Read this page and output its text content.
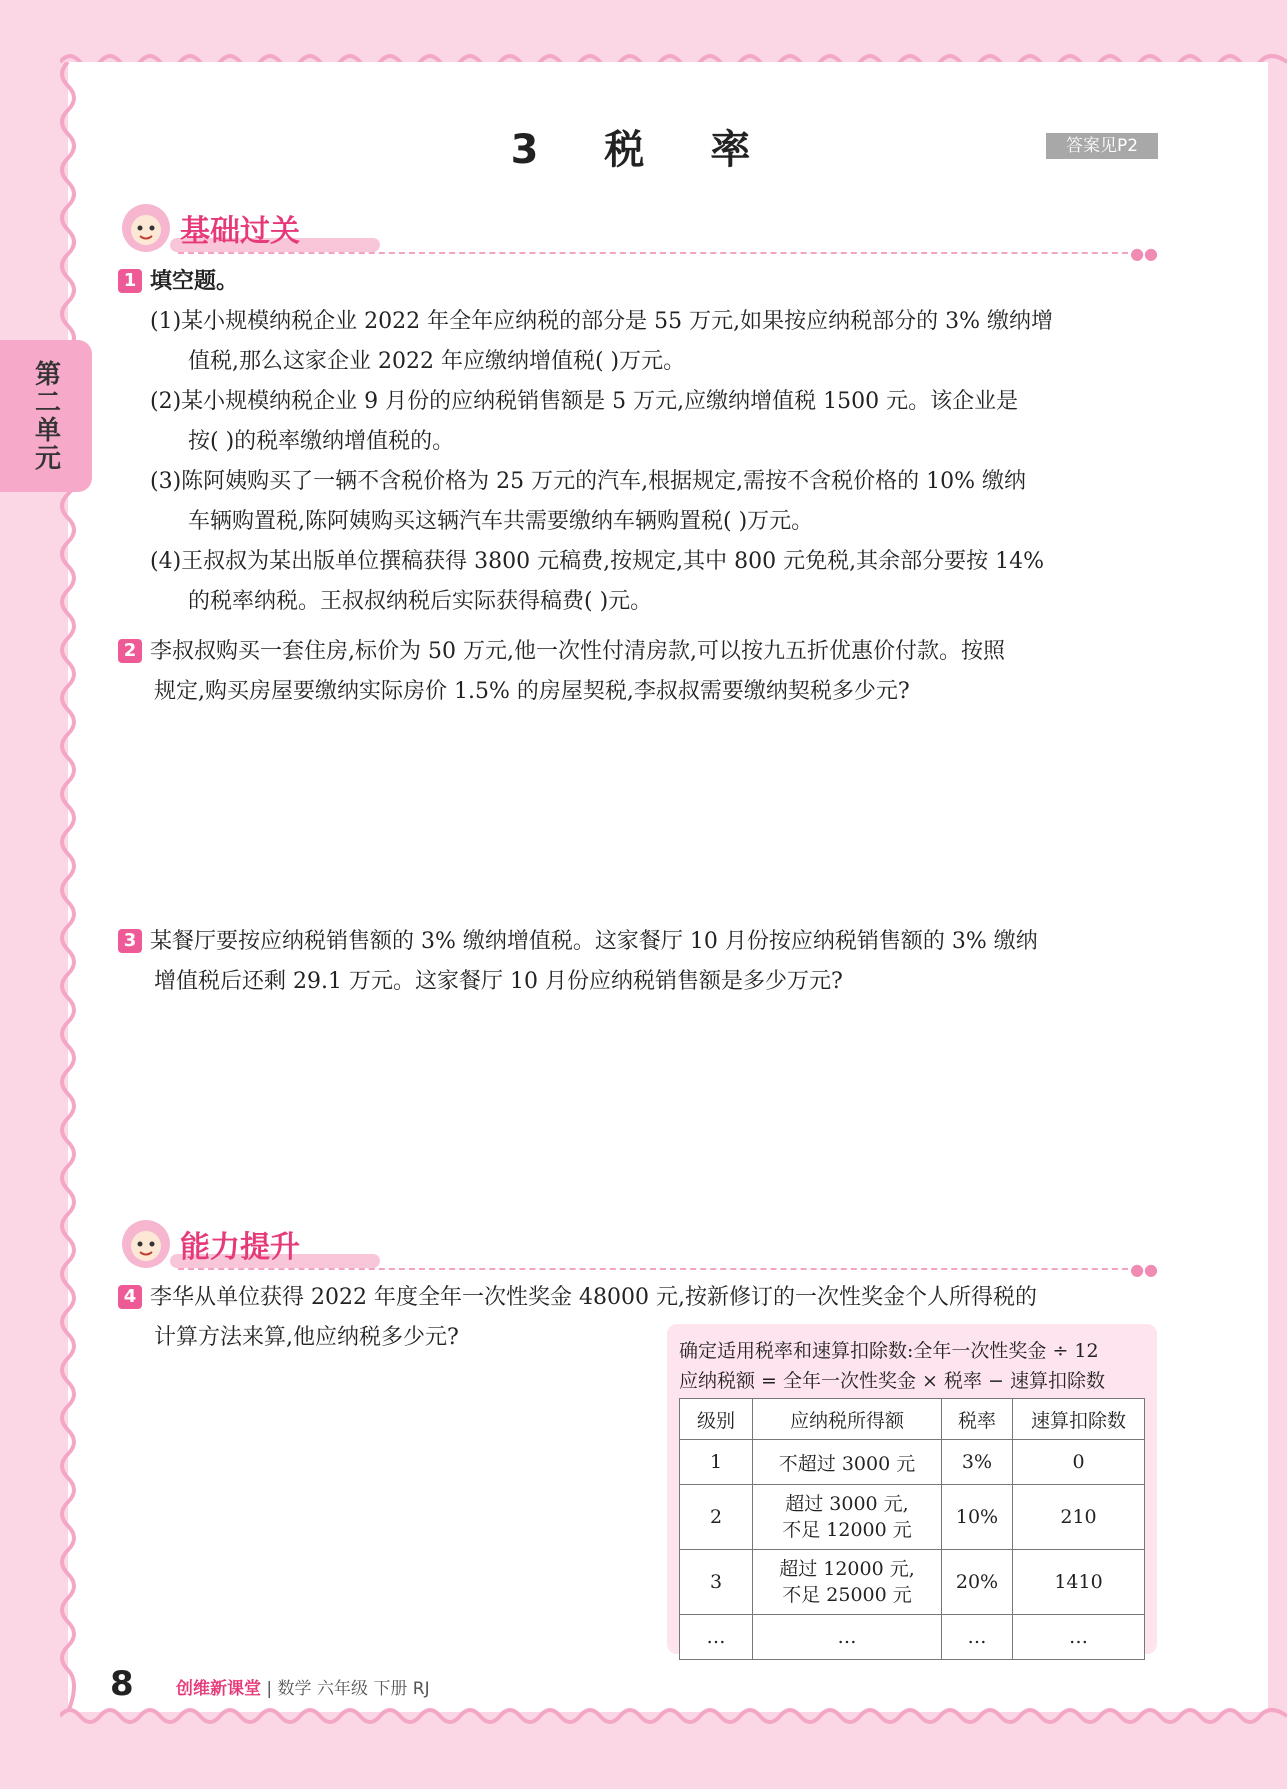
第二单元
3 税 率	答案见P2
●●
基础过关
1 填空题。
(1)某小规模纳税企业 2022 年全年应纳税的部分是 55 万元,如果按应纳税部分的 3% 缴纳增
值税,那么这家企业 2022 年应缴纳增值税( )万元。
(2)某小规模纳税企业 9 月份的应纳税销售额是 5 万元,应缴纳增值税 1500 元。该企业是
按( )的税率缴纳增值税的。
(3)陈阿姨购买了一辆不含税价格为 25 万元的汽车,根据规定,需按不含税价格的 10% 缴纳
车辆购置税,陈阿姨购买这辆汽车共需要缴纳车辆购置税( )万元。
(4)王叔叔为某出版单位撰稿获得 3800 元稿费,按规定,其中 800 元免税,其余部分要按 14%
的税率纳税。王叔叔纳税后实际获得稿费( )元。
2 李叔叔购买一套住房,标价为 50 万元,他一次性付清房款,可以按九五折优惠价付款。按照
规定,购买房屋要缴纳实际房价 1.5% 的房屋契税,李叔叔需要缴纳契税多少元?
3 某餐厅要按应纳税销售额的 3% 缴纳增值税。这家餐厅 10 月份按应纳税销售额的 3% 缴纳
增值税后还剩 29.1 万元。这家餐厅 10 月份应纳税销售额是多少万元?
●●
能力提升
4 李华从单位获得 2022 年度全年一次性奖金 48000 元,按新修订的一次性奖金个人所得税的
计算方法来算,他应纳税多少元?
确定适用税率和速算扣除数:全年一次性奖金 ÷ 12
应纳税额 = 全年一次性奖金 × 税率 − 速算扣除数
级别	应纳税所得额	税率	速算扣除数
1	不超过 3000 元	3%	0
2	超过 3000 元,
不足 12000 元	10%	210
3	超过 12000 元,
不足 25000 元	20%	1410
…	…	…	…
8 创维新课堂 | 数学 六年级 下册 RJ
